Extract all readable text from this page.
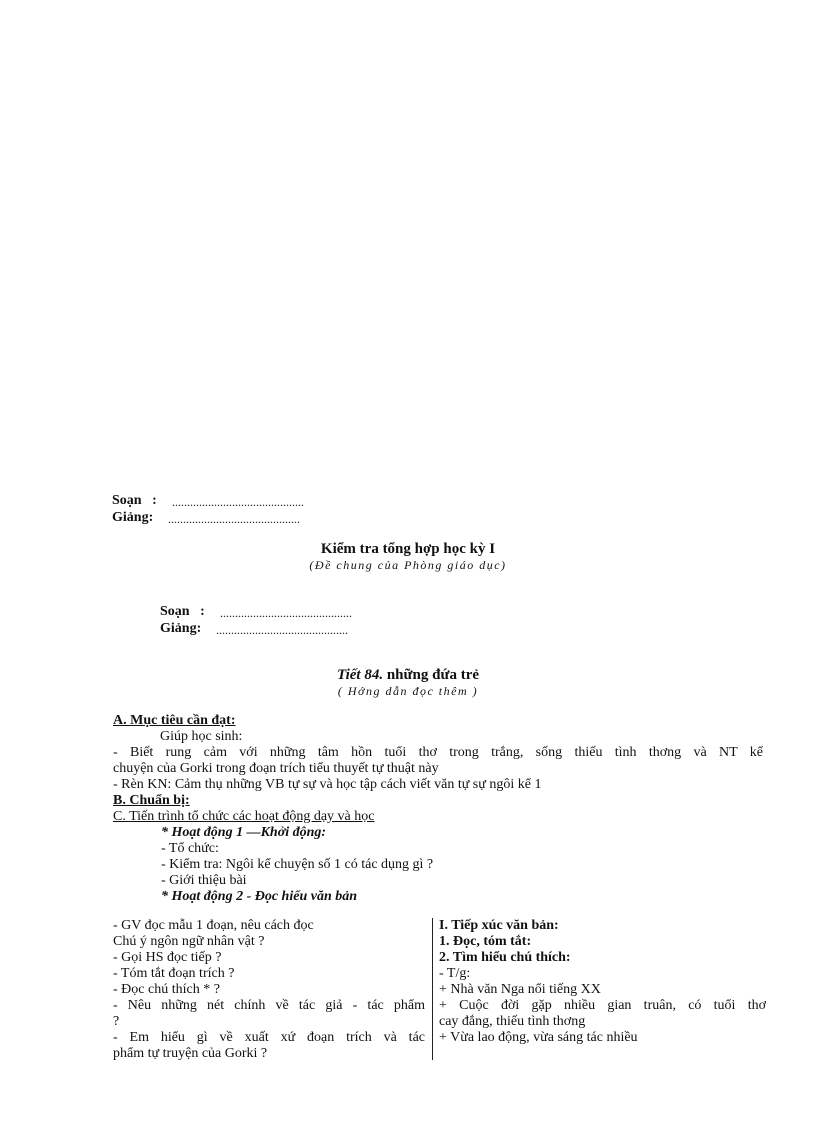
Soạn : ............................................
Giảng: ............................................
Kiểm tra tổng hợp học kỳ I
(Đề chung của Phòng giáo dục)
Soạn : ............................................
Giảng: ............................................
Tiết 84. những đứa trẻ
( Hớng dẫn đọc thêm )
A. Mục tiêu cần đạt:
Giúp học sinh:
- Biết rung cảm với những tâm hồn tuổi thơ trong trắng, sống thiếu tình thơng và NT kể
chuyện của Gorki trong đoạn trích tiểu thuyết tự thuật này
- Rèn KN: Cảm thụ những VB tự sự và học tập cách viết văn tự sự ngôi kể 1
B. Chuẩn bị:
C. Tiến trình tổ chức các hoạt động dạy và học
* Hoạt động 1 —Khởi động:
- Tổ chức:
- Kiểm tra: Ngôi kể chuyện số 1 có tác dụng gì ?
- Giới thiệu bài
* Hoạt động 2 - Đọc hiểu văn bản
- GV đọc mẫu 1 đoạn, nêu cách đọc
Chú ý ngôn ngữ nhân vật ?
- Gọi HS đọc tiếp ?
- Tóm tắt đoạn trích ?
- Đọc chú thích * ?
- Nêu những nét chính về tác giả - tác phẩm
?
- Em hiểu gì về xuất xứ đoạn trích và tác
phẩm tự truyện của Gorki ?
I. Tiếp xúc văn bản:
1. Đọc, tóm tắt:
2. Tìm hiểu chú thích:
- T/g:
+ Nhà văn Nga nổi tiếng XX
+ Cuộc đời gặp nhiều gian truân, có tuổi thơ
cay đắng, thiếu tình thơng
+ Vừa lao động, vừa sáng tác nhiều
